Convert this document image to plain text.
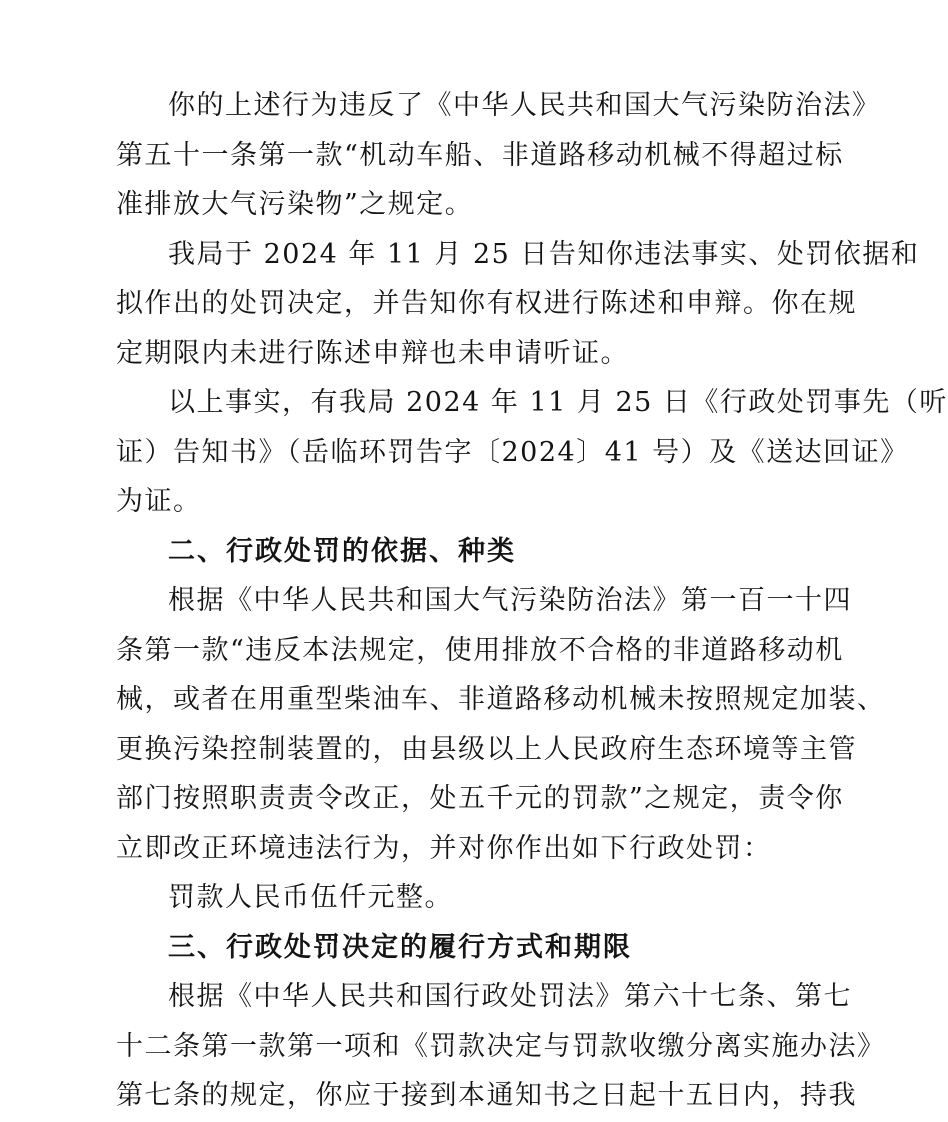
你的上述行为违反了《中华人民共和国大气污染防治法》
第五十一条第一款“机动车船、非道路移动机械不得超过标
准排放大气污染物”之规定。
我局于 2024 年 11 月 25 日告知你违法事实、处罚依据和
拟作出的处罚决定，并告知你有权进行陈述和申辩。你在规
定期限内未进行陈述申辩也未申请听证。
以上事实，有我局 2024 年 11 月 25 日《行政处罚事先（听
证）告知书》（岳临环罚告字〔2024〕41 号）及《送达回证》
为证。
二、行政处罚的依据、种类
根据《中华人民共和国大气污染防治法》第一百一十四
条第一款“违反本法规定，使用排放不合格的非道路移动机
械，或者在用重型柴油车、非道路移动机械未按照规定加装、
更换污染控制装置的，由县级以上人民政府生态环境等主管
部门按照职责责令改正，处五千元的罚款”之规定，责令你
立即改正环境违法行为，并对你作出如下行政处罚：
罚款人民币伍仟元整。
三、行政处罚决定的履行方式和期限
根据《中华人民共和国行政处罚法》第六十七条、第七
十二条第一款第一项和《罚款决定与罚款收缴分离实施办法》
第七条的规定，你应于接到本通知书之日起十五日内，持我
